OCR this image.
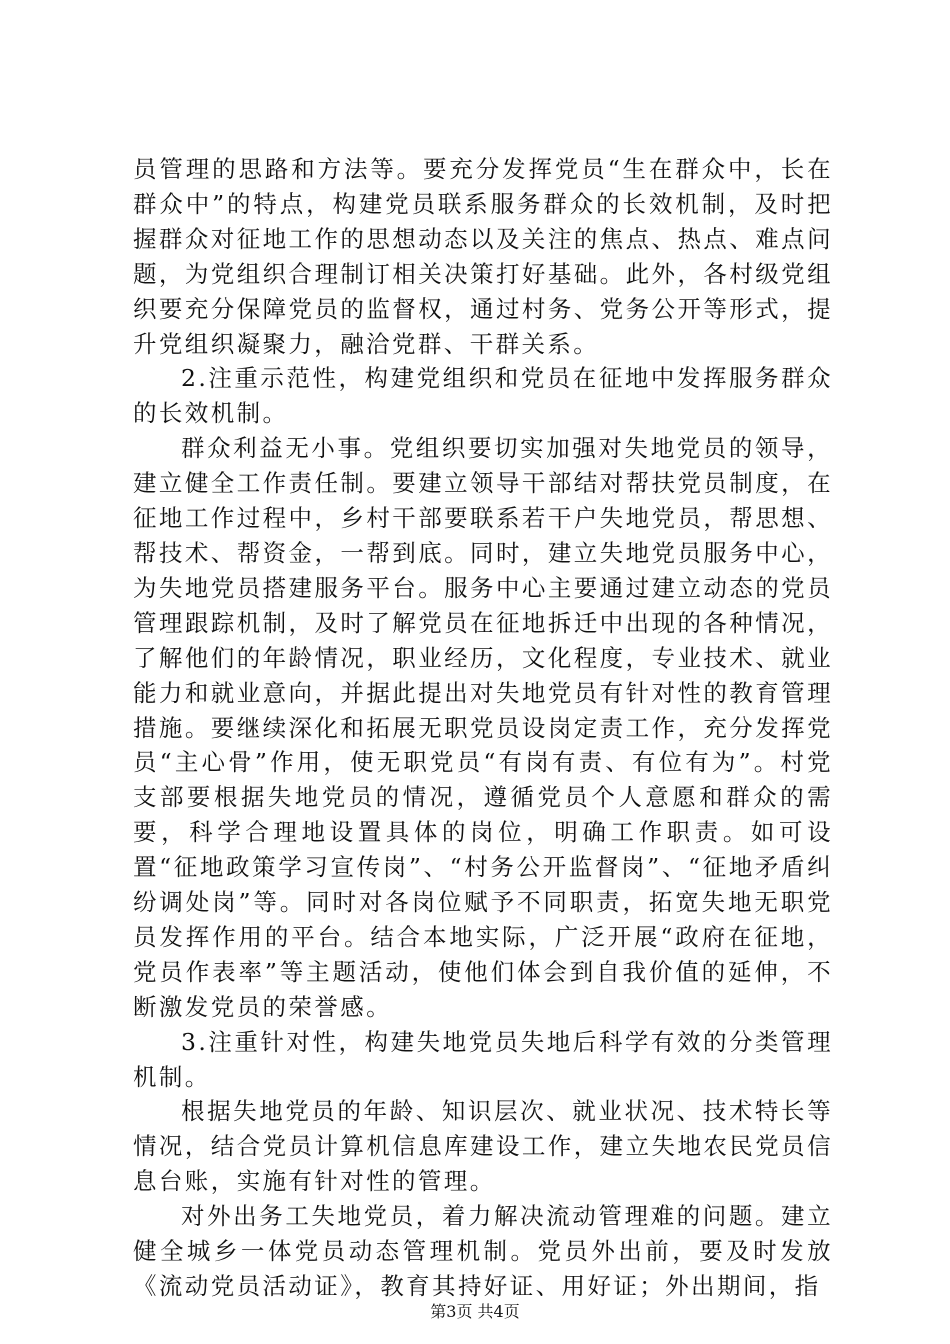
员管理的思路和方法等。要充分发挥党员“生在群众中，长在群众中”的特点，构建党员联系服务群众的长效机制，及时把握群众对征地工作的思想动态以及关注的焦点、热点、难点问题，为党组织合理制订相关决策打好基础。此外，各村级党组织要充分保障党员的监督权，通过村务、党务公开等形式，提升党组织凝聚力，融洽党群、干群关系。

2.注重示范性，构建党组织和党员在征地中发挥服务群众的长效机制。

群众利益无小事。党组织要切实加强对失地党员的领导，建立健全工作责任制。要建立领导干部结对帮扶党员制度，在征地工作过程中，乡村干部要联系若干户失地党员，帮思想、帮技术、帮资金，一帮到底。同时，建立失地党员服务中心，为失地党员搭建服务平台。服务中心主要通过建立动态的党员管理跟踪机制，及时了解党员在征地拆迁中出现的各种情况，了解他们的年龄情况，职业经历，文化程度，专业技术、就业能力和就业意向，并据此提出对失地党员有针对性的教育管理措施。要继续深化和拓展无职党员设岗定责工作，充分发挥党员“主心骨”作用，使无职党员“有岗有责、有位有为”。村党支部要根据失地党员的情况，遵循党员个人意愿和群众的需要，科学合理地设置具体的岗位，明确工作职责。如可设置“征地政策学习宣传岗”、“村务公开监督岗”、“征地矛盾纠纷调处岗”等。同时对各岗位赋予不同职责，拓宽失地无职党员发挥作用的平台。结合本地实际，广泛开展“政府在征地，党员作表率”等主题活动，使他们体会到自我价值的延伸，不断激发党员的荣誉感。

3.注重针对性，构建失地党员失地后科学有效的分类管理机制。

根据失地党员的年龄、知识层次、就业状况、技术特长等情况，结合党员计算机信息库建设工作，建立失地农民党员信息台账，实施有针对性的管理。

对外出务工失地党员，着力解决流动管理难的问题。建立健全城乡一体党员动态管理机制。党员外出前，要及时发放《流动党员活动证》，教育其持好证、用好证；外出期间，指

第3页 共4页
